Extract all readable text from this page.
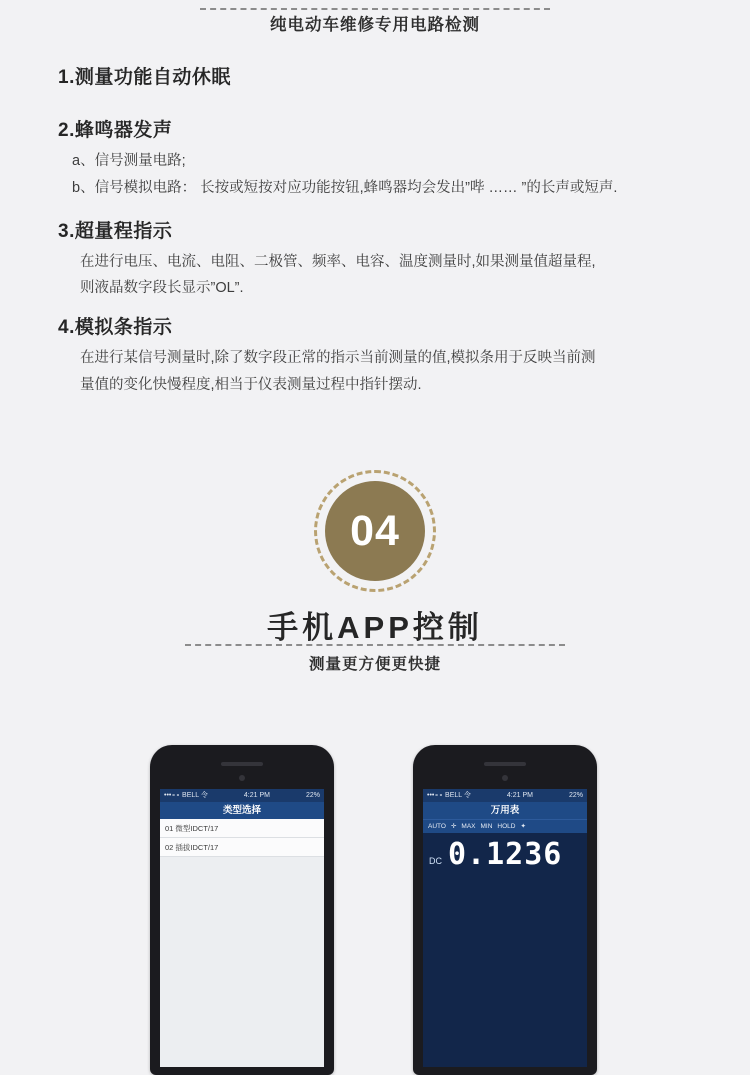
纯电动车维修专用电路检测
1.测量功能自动休眠
2.蜂鸣器发声
a、信号测量电路;
b、信号模拟电路： 长按或短按对应功能按钮,蜂鸣器均会发出”哔 …… ”的长声或短声.
3.超量程指示
在进行电压、电流、电阻、二极管、频率、电容、温度测量时,如果测量值超量程,
则液晶数字段长显示”OL”.
4.模拟条指示
在进行某信号测量时,除了数字段正常的指示当前测量的值,模拟条用于反映当前测
量值的变化快慢程度,相当于仪表测量过程中指针摆动.
04
手机APP控制
测量更方便更快捷
•••∘∘ BELL 令	4:21 PM	22%
类型选择
01 微型IDCT/17
02 插拔IDCT/17
•••∘∘ BELL 令	4:21 PM	22%
万用表
AUTO ✛ MAX MIN HOLD ✦
DC 0.1236
